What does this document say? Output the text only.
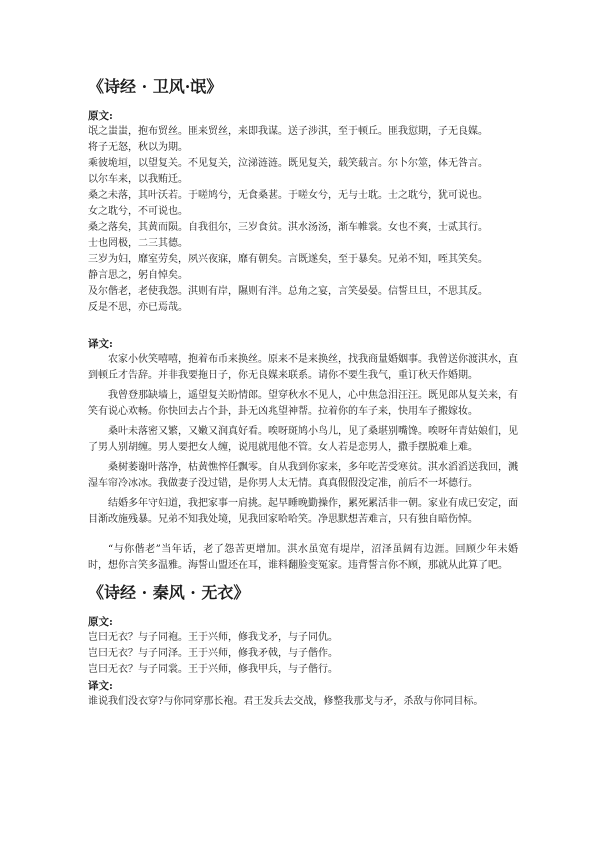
《诗经 · 卫风·氓》

原文:

氓之蚩蚩，抱布贸丝。匪来贸丝，来即我谋。送子涉淇，至于顿丘。匪我愆期，子无良媒。

将子无怒，秋以为期。

乘彼垝垣，以望复关。不见复关，泣涕涟涟。既见复关，载笑载言。尔卜尔筮，体无咎言。

以尔车来，以我贿迁。

桑之未落，其叶沃若。于嗟鸠兮，无食桑葚。于嗟女兮，无与士耽。士之耽兮，犹可说也。

女之耽兮，不可说也。

桑之落矣，其黄而陨。自我徂尔，三岁食贫。淇水汤汤，渐车帷裳。女也不爽，士贰其行。

士也罔极，二三其德。

三岁为妇，靡室劳矣，夙兴夜寐，靡有朝矣。言既遂矣，至于暴矣。兄弟不知，咥其笑矣。

静言思之，躬自悼矣。

及尔偕老，老使我怨。淇则有岸，隰则有泮。总角之宴，言笑晏晏。信誓旦旦，不思其反。

反是不思，亦已焉哉。

译文:

农家小伙笑嘻嘻，抱着布币来换丝。原来不是来换丝，找我商量婚姻事。我曾送你渡淇水，直到顿丘才告辞。并非我要拖日子，你无良媒来联系。请你不要生我气，重订秋天作婚期。

我曾登那缺墙上，遥望复关盼情郎。望穿秋水不见人，心中焦急泪汪汪。既见郎从复关来，有笑有说心欢畅。你快回去占个卦，卦无凶兆望神帮。拉着你的车子来，快用车子搬嫁妆。

桑叶未落密又繁，又嫩又润真好看。唉呀斑鸠小鸟儿，见了桑堪别嘴馋。唉呀年青姑娘们，见了男人别胡缠。男人要把女人缠，说甩就甩他不管。女人若是恋男人，撒手摆脱难上难。

桑树萎谢叶落净，枯黄憔悴任飘零。自从我到你家来，多年吃苦受寒贫。淇水滔滔送我回，溅湿车帘冷冰冰。我做妻子没过错，是你男人太无情。真真假假没定准，前后不一坏德行。

结婚多年守妇道，我把家事一肩挑。起早睡晚勤操作，累死累活非一朝。家业有成已安定，面目渐改施残暴。兄弟不知我处境，见我回家哈哈笑。净思默想苦难言，只有独自暗伤悼。

“与你偕老”当年话，老了怨苦更增加。淇水虽宽有堤岸，沼泽虽阔有边涯。回顾少年未婚时，想你言笑多温雅。海誓山盟还在耳，谁料翻脸变冤家。违背誓言你不顾，那就从此算了吧。

《诗经 · 秦风 · 无衣》

原文:

岂曰无衣？与子同袍。王于兴师，修我戈矛，与子同仇。

岂曰无衣？与子同泽。王于兴师，修我矛戟，与子偕作。

岂曰无衣？与子同裳。王于兴师，修我甲兵，与子偕行。

译文:

谁说我们没衣穿?与你同穿那长袍。君王发兵去交战，修整我那戈与矛，杀敌与你同目标。
